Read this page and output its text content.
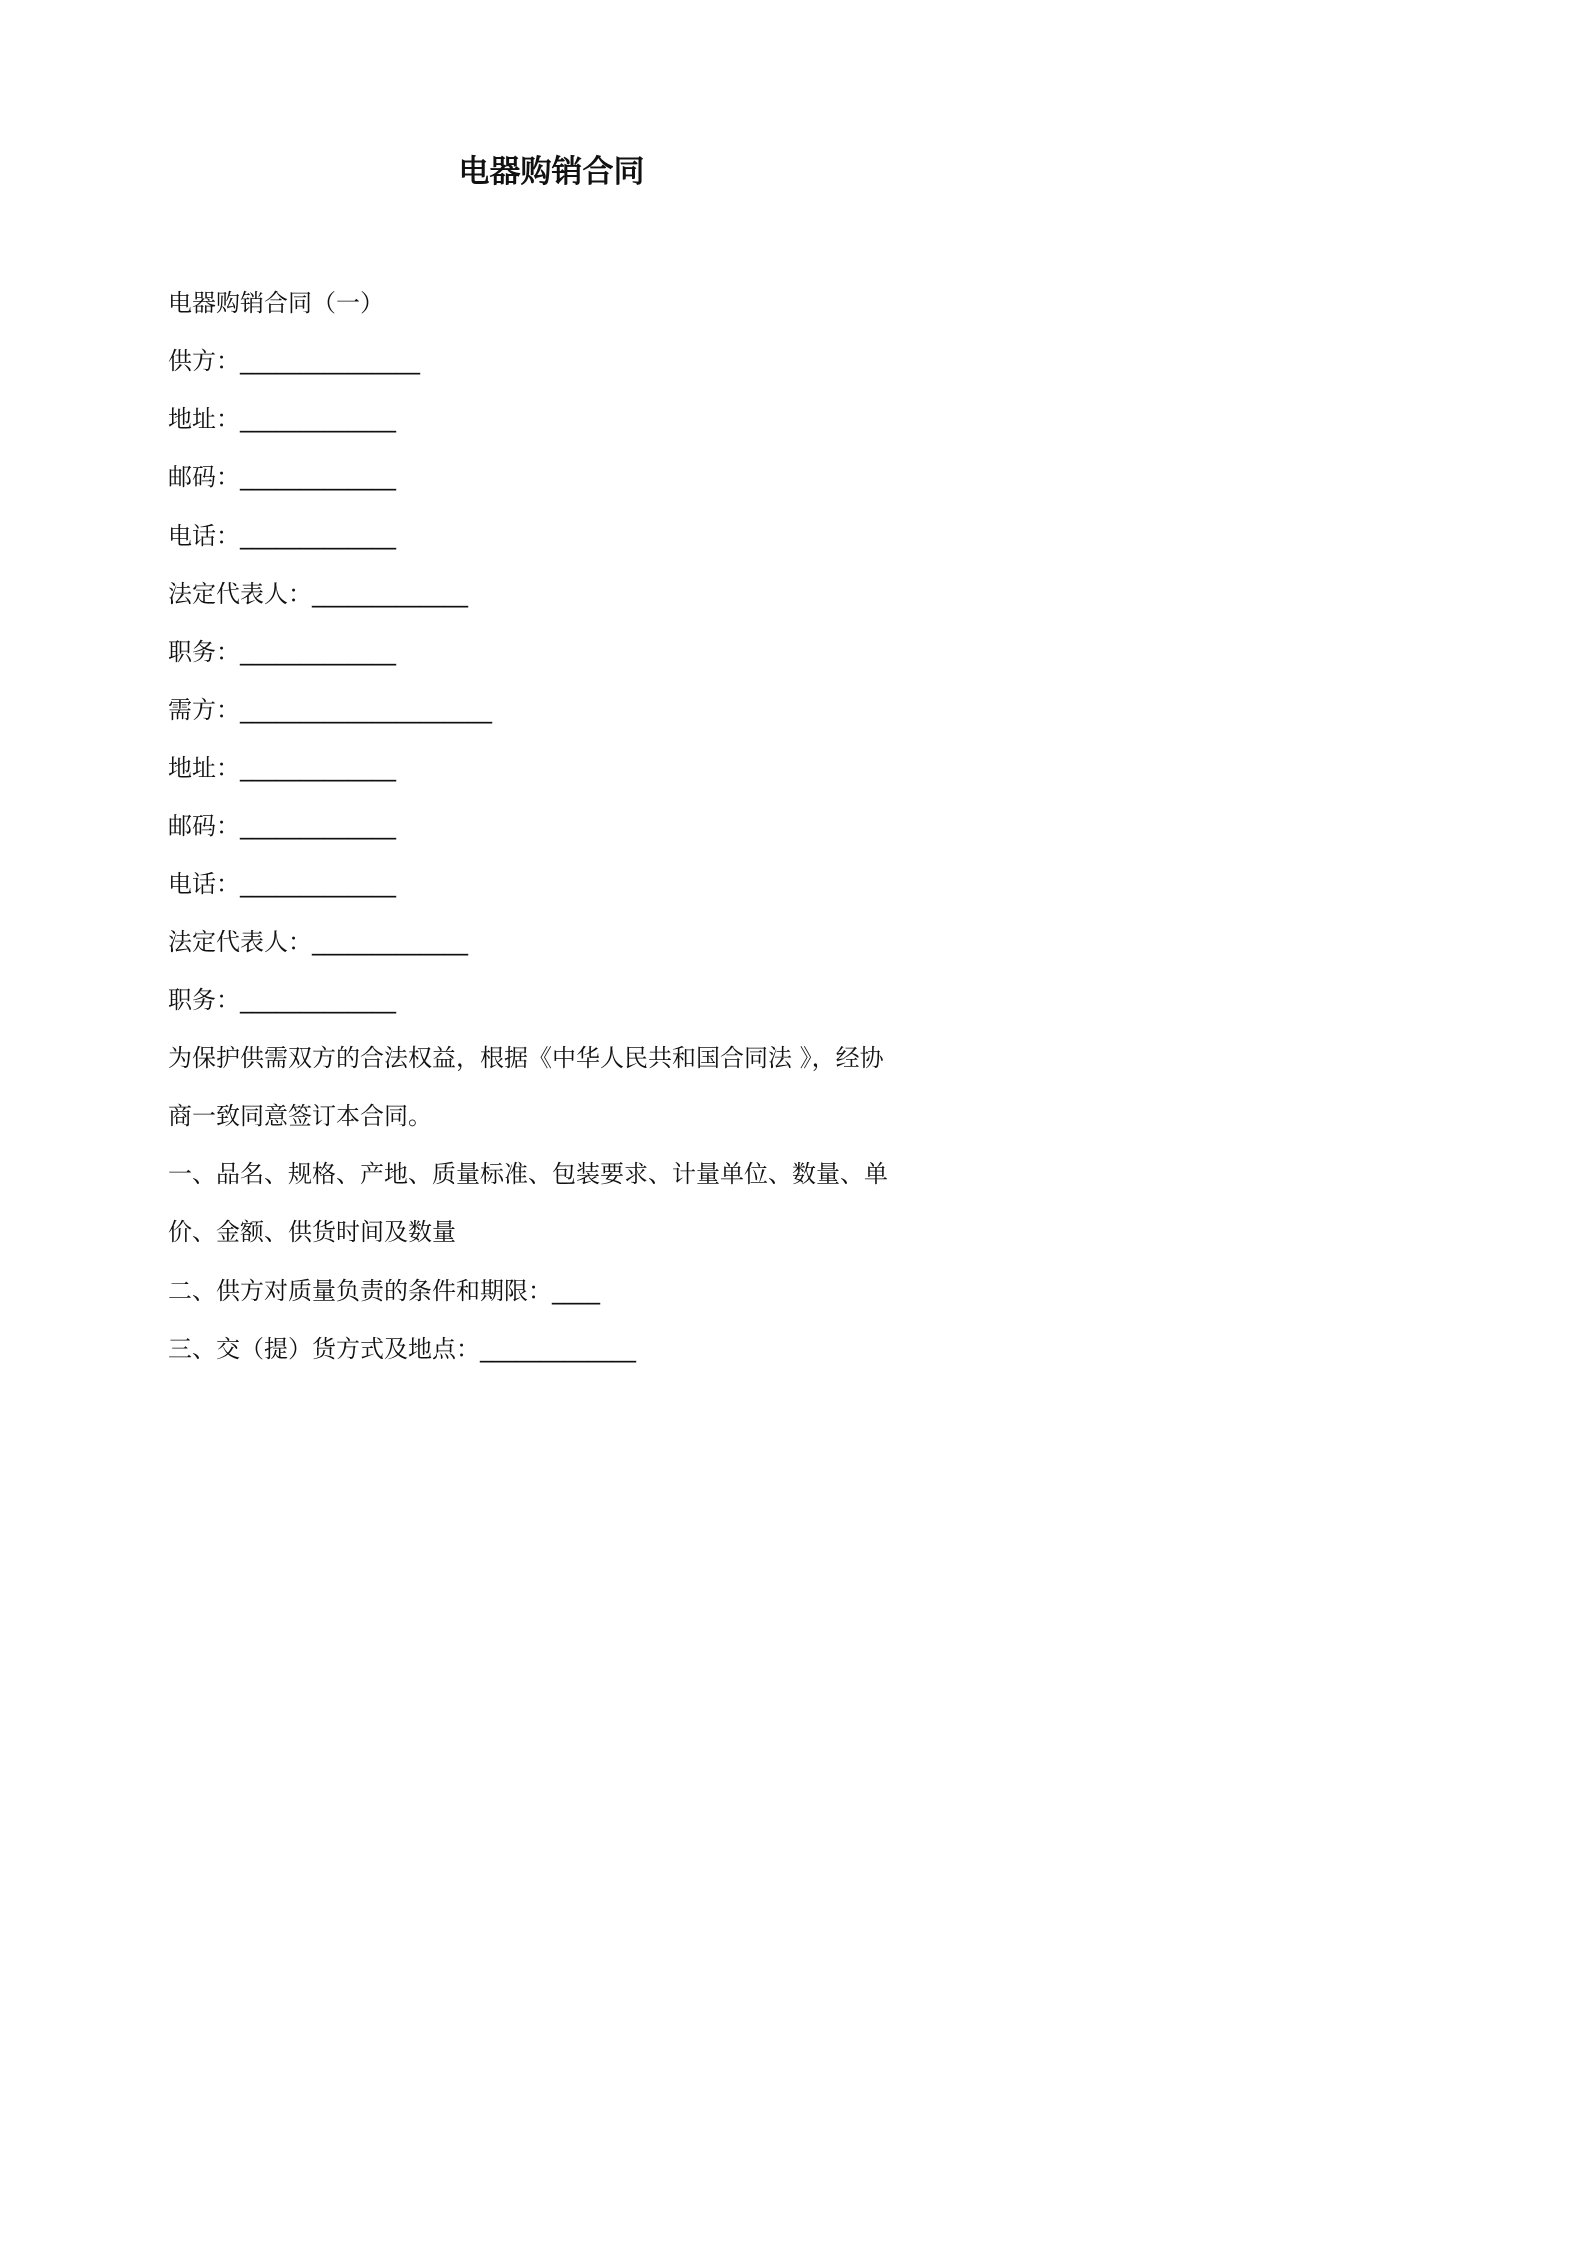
电器购销合同
电器购销合同（一）
供方：_______________
地址：_____________
邮码：_____________
电话：_____________
法定代表人：_____________
职务：_____________
需方：_____________________
地址：_____________
邮码：_____________
电话：_____________
法定代表人：_____________
职务：_____________
为保护供需双方的合法权益，根据《中华人民共和国合同法 》，经协
商一致同意签订本合同。
一、品名、规格、产地、质量标准、包装要求、计量单位、数量、单
价、金额、供货时间及数量
二、供方对质量负责的条件和期限：____
三、交（提）货方式及地点：_____________
